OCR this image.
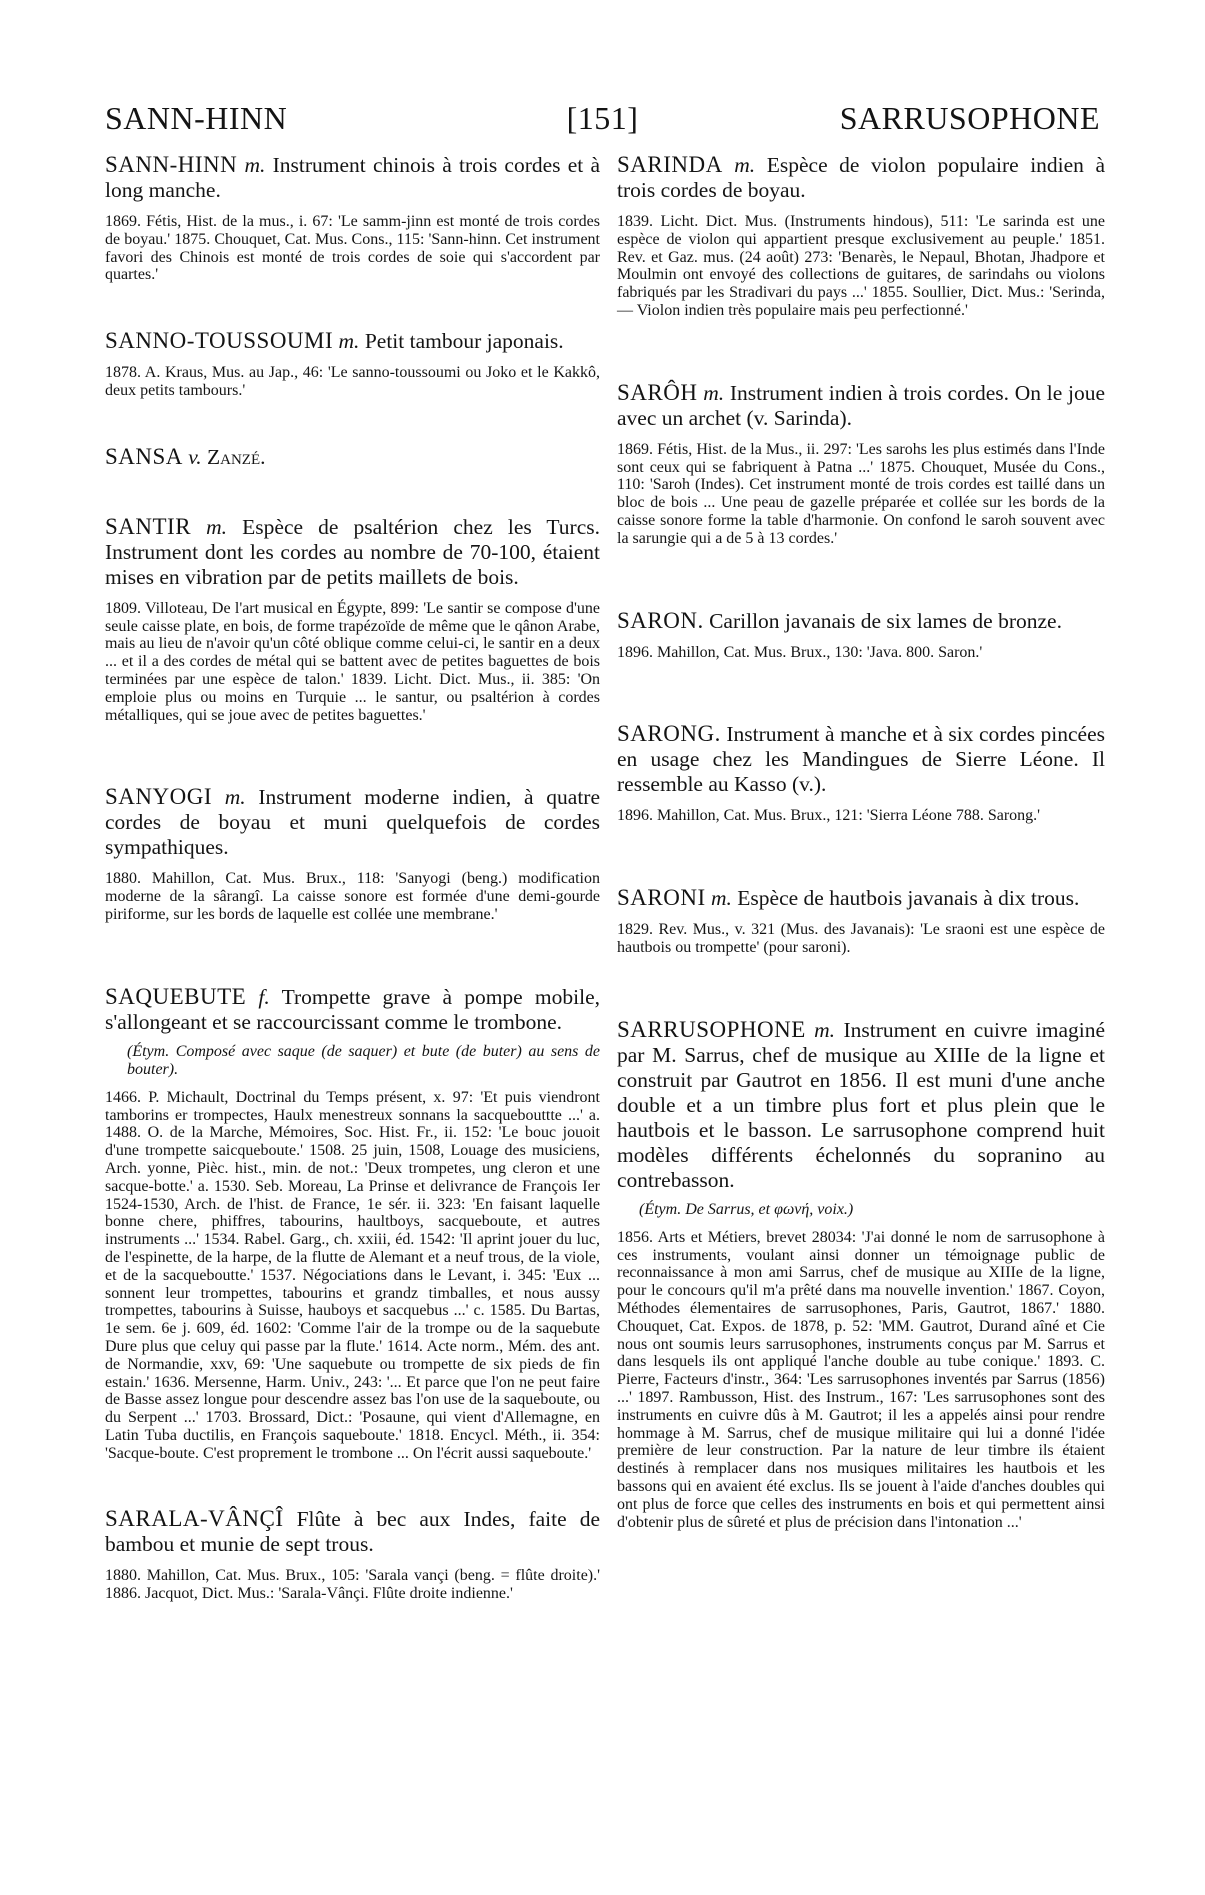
SANN-HINN	[151]	SARRUSOPHONE

SANN-HINN m. Instrument chinois à trois cordes et à long manche.

1869. Fétis, Hist. de la mus., i. 67: 'Le samm-jinn est monté de trois cordes de boyau.' 1875. Chouquet, Cat. Mus. Cons., 115: 'Sann-hinn. Cet instrument favori des Chinois est monté de trois cordes de soie qui s'accordent par quartes.'

SANNO-TOUSSOUMI m. Petit tambour japonais.

1878. A. Kraus, Mus. au Jap., 46: 'Le sanno-toussoumi ou Joko et le Kakkô, deux petits tambours.'

SANSA v. Zanzé.

SANTIR m. Espèce de psaltérion chez les Turcs. Instrument dont les cordes au nombre de 70-100, étaient mises en vibration par de petits maillets de bois.

1809. Villoteau, De l'art musical en Égypte, 899: 'Le santir se compose d'une seule caisse plate, en bois, de forme trapézoïde de même que le qânon Arabe, mais au lieu de n'avoir qu'un côté oblique comme celui-ci, le santir en a deux ... et il a des cordes de métal qui se battent avec de petites baguettes de bois terminées par une espèce de talon.' 1839. Licht. Dict. Mus., ii. 385: 'On emploie plus ou moins en Turquie ... le santur, ou psaltérion à cordes métalliques, qui se joue avec de petites baguettes.'

SANYOGI m. Instrument moderne indien, à quatre cordes de boyau et muni quelquefois de cordes sympathiques.

1880. Mahillon, Cat. Mus. Brux., 118: 'Sanyogi (beng.) modification moderne de la sârangî. La caisse sonore est formée d'une demi-gourde piriforme, sur les bords de laquelle est collée une membrane.'

SAQUEBUTE f. Trompette grave à pompe mobile, s'allongeant et se raccourcissant comme le trombone.

(Étym. Composé avec saque (de saquer) et bute (de buter) au sens de bouter).

1466. P. Michault, Doctrinal du Temps présent, x. 97: 'Et puis viendront tamborins er trompectes, Haulx menestreux sonnans la sacquebouttte ...' a. 1488. O. de la Marche, Mémoires, Soc. Hist. Fr., ii. 152: 'Le bouc jouoit d'une trompette saicqueboute.' 1508. 25 juin, 1508, Louage des musiciens, Arch. yonne, Pièc. hist., min. de not.: 'Deux trompetes, ung cleron et une sacque-botte.' a. 1530. Seb. Moreau, La Prinse et delivrance de François Ier 1524-1530, Arch. de l'hist. de France, 1e sér. ii. 323: 'En faisant laquelle bonne chere, phiffres, tabourins, haultboys, sacqueboute, et autres instruments ...' 1534. Rabel. Garg., ch. xxiii, éd. 1542: 'Il aprint jouer du luc, de l'espinette, de la harpe, de la flutte de Alemant et a neuf trous, de la viole, et de la sacqueboutte.' 1537. Négociations dans le Levant, i. 345: 'Eux ... sonnent leur trompettes, tabourins et grandz timballes, et nous aussy trompettes, tabourins à Suisse, hauboys et sacquebus ...' c. 1585. Du Bartas, 1e sem. 6e j. 609, éd. 1602: 'Comme l'air de la trompe ou de la saquebute Dure plus que celuy qui passe par la flute.' 1614. Acte norm., Mém. des ant. de Normandie, xxv, 69: 'Une saquebute ou trompette de six pieds de fin estain.' 1636. Mersenne, Harm. Univ., 243: '... Et parce que l'on ne peut faire de Basse assez longue pour descendre assez bas l'on use de la saqueboute, ou du Serpent ...' 1703. Brossard, Dict.: 'Posaune, qui vient d'Allemagne, en Latin Tuba ductilis, en François saqueboute.' 1818. Encycl. Méth., ii. 354: 'Sacque-boute. C'est proprement le trombone ... On l'écrit aussi saqueboute.'

SARALA-VÂNÇÎ Flûte à bec aux Indes, faite de bambou et munie de sept trous.

1880. Mahillon, Cat. Mus. Brux., 105: 'Sarala vançi (beng. = flûte droite).' 1886. Jacquot, Dict. Mus.: 'Sarala-Vânçi. Flûte droite indienne.'

SARINDA m. Espèce de violon populaire indien à trois cordes de boyau.

1839. Licht. Dict. Mus. (Instruments hindous), 511: 'Le sarinda est une espèce de violon qui appartient presque exclusivement au peuple.' 1851. Rev. et Gaz. mus. (24 août) 273: 'Benarès, le Nepaul, Bhotan, Jhadpore et Moulmin ont envoyé des collections de guitares, de sarindahs ou violons fabriqués par les Stradivari du pays ...' 1855. Soullier, Dict. Mus.: 'Serinda, — Violon indien très populaire mais peu perfectionné.'

SARÔH m. Instrument indien à trois cordes. On le joue avec un archet (v. Sarinda).

1869. Fétis, Hist. de la Mus., ii. 297: 'Les sarohs les plus estimés dans l'Inde sont ceux qui se fabriquent à Patna ...' 1875. Chouquet, Musée du Cons., 110: 'Saroh (Indes). Cet instrument monté de trois cordes est taillé dans un bloc de bois ... Une peau de gazelle préparée et collée sur les bords de la caisse sonore forme la table d'harmonie. On confond le saroh souvent avec la sarungie qui a de 5 à 13 cordes.'

SARON. Carillon javanais de six lames de bronze.

1896. Mahillon, Cat. Mus. Brux., 130: 'Java. 800. Saron.'

SARONG. Instrument à manche et à six cordes pincées en usage chez les Mandingues de Sierre Léone. Il ressemble au Kasso (v.).

1896. Mahillon, Cat. Mus. Brux., 121: 'Sierra Léone 788. Sarong.'

SARONI m. Espèce de hautbois javanais à dix trous.

1829. Rev. Mus., v. 321 (Mus. des Javanais): 'Le sraoni est une espèce de hautbois ou trompette' (pour saroni).

SARRUSOPHONE m. Instrument en cuivre imaginé par M. Sarrus, chef de musique au XIIIe de la ligne et construit par Gautrot en 1856. Il est muni d'une anche double et a un timbre plus fort et plus plein que le hautbois et le basson. Le sarrusophone comprend huit modèles différents échelonnés du sopranino au contrebasson.

(Étym. De Sarrus, et φωνή, voix.)

1856. Arts et Métiers, brevet 28034: 'J'ai donné le nom de sarrusophone à ces instruments, voulant ainsi donner un témoignage public de reconnaissance à mon ami Sarrus, chef de musique au XIIIe de la ligne, pour le concours qu'il m'a prêté dans ma nouvelle invention.' 1867. Coyon, Méthodes élementaires de sarrusophones, Paris, Gautrot, 1867.' 1880. Chouquet, Cat. Expos. de 1878, p. 52: 'MM. Gautrot, Durand aîné et Cie nous ont soumis leurs sarrusophones, instruments conçus par M. Sarrus et dans lesquels ils ont appliqué l'anche double au tube conique.' 1893. C. Pierre, Facteurs d'instr., 364: 'Les sarrusophones inventés par Sarrus (1856) ...' 1897. Rambusson, Hist. des Instrum., 167: 'Les sarrusophones sont des instruments en cuivre dûs à M. Gautrot; il les a appelés ainsi pour rendre hommage à M. Sarrus, chef de musique militaire qui lui a donné l'idée première de leur construction. Par la nature de leur timbre ils étaient destinés à remplacer dans nos musiques militaires les hautbois et les bassons qui en avaient été exclus. Ils se jouent à l'aide d'anches doubles qui ont plus de force que celles des instruments en bois et qui permettent ainsi d'obtenir plus de sûreté et plus de précision dans l'intonation ...'
